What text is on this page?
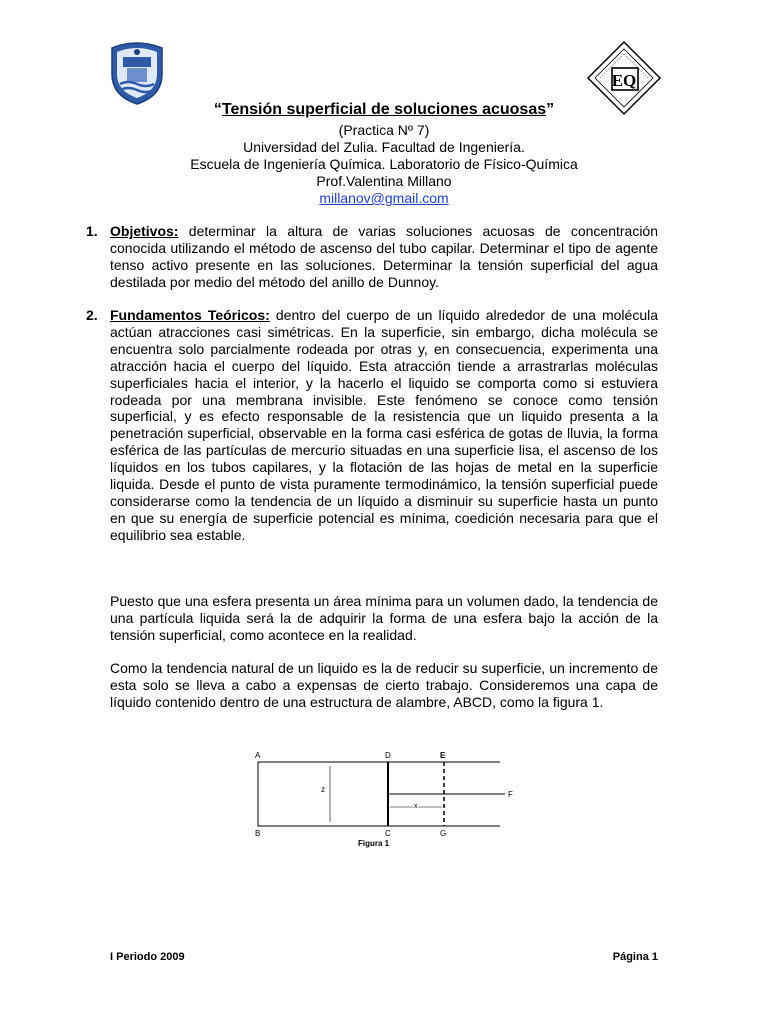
EQ
“Tensión superficial de soluciones acuosas”
(Practica Nº 7)
Universidad del Zulia. Facultad de Ingeniería.
Escuela de Ingeniería Química. Laboratorio de Físico-Química
Prof.Valentina Millano
millanov@gmail.com
1. Objetivos: determinar la altura de varias soluciones acuosas de concentración conocida utilizando el método de ascenso del tubo capilar. Determinar el tipo de agente tenso activo presente en las soluciones. Determinar la tensión superficial del agua destilada por medio del método del anillo de Dunnoy.
2. Fundamentos Teóricos: dentro del cuerpo de un líquido alrededor de una molécula actúan atracciones casi simétricas. En la superficie, sin embargo, dicha molécula se encuentra solo parcialmente rodeada por otras y, en consecuencia, experimenta una atracción hacia el cuerpo del líquido. Esta atracción tiende a arrastrarlas moléculas superficiales hacia el interior, y la hacerlo el liquido se comporta como si estuviera rodeada por una membrana invisible. Este fenómeno se conoce como tensión superficial, y es efecto responsable de la resistencia que un liquido presenta a la penetración superficial, observable en la forma casi esférica de gotas de lluvia, la forma esférica de las partículas de mercurio situadas en una superficie lisa, el ascenso de los líquidos en los tubos capilares, y la flotación de las hojas de metal en la superficie liquida. Desde el punto de vista puramente termodinámico, la tensión superficial puede considerarse como la tendencia de un líquido a disminuir su superficie hasta un punto en que su energía de superficie potencial es mínima, coedición necesaria para que el equilibrio sea estable.
Puesto que una esfera presenta un área mínima para un volumen dado, la tendencia de una partícula liquida será la de adquirir la forma de una esfera bajo la acción de la tensión superficial, como acontece en la realidad.
Como la tendencia natural de un liquido es la de reducir su superficie, un incremento de esta solo se lleva a cabo a expensas de cierto trabajo. Consideremos una capa de líquido contenido dentro de una estructura de alambre, ABCD, como la figura 1.
A
B
D	E
C	G
F
z
x
Figura 1
I Periodo 2009	Página 1
